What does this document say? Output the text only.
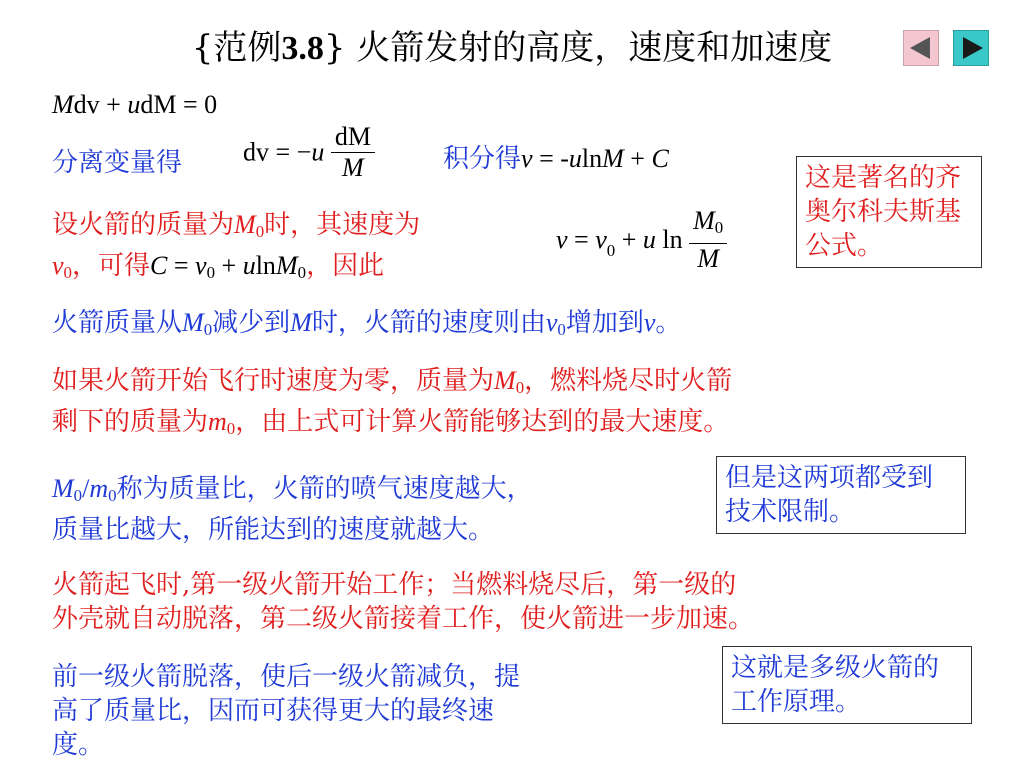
{范例3.8} 火箭发射的高度，速度和加速度
Mdv + udM = 0
分离变量得 dv = $-u \frac{dM}{M}$	积分得v = -ulnM + C
这是著名的齐奥尔科夫斯基公式。
设火箭的质量为$M_0$时，其速度为
$v_0$，可得$C = v_0 + ulnM_0$，因此
$v = v_0 + u$ $\ln \frac{M_0}{M}$
火箭质量从$M_0$减少到M时，火箭的速度则由$v_0$增加到v。
如果火箭开始飞行时速度为零，质量为$M_0$，燃料烧尽时火箭
剩下的质量为$m_0$，由上式可计算火箭能够达到的最大速度。
$M_0/m_0$称为质量比，火箭的喷气速度越大，
质量比越大，所能达到的速度就越大。
但是这两项都受到技术限制。
火箭起飞时,第一级火箭开始工作；当燃料烧尽后，第一级的
外壳就自动脱落，第二级火箭接着工作，使火箭进一步加速。
前一级火箭脱落，使后一级火箭减负，提
高了质量比，因而可获得更大的最终速
度。
这就是多级火箭的工作原理。
